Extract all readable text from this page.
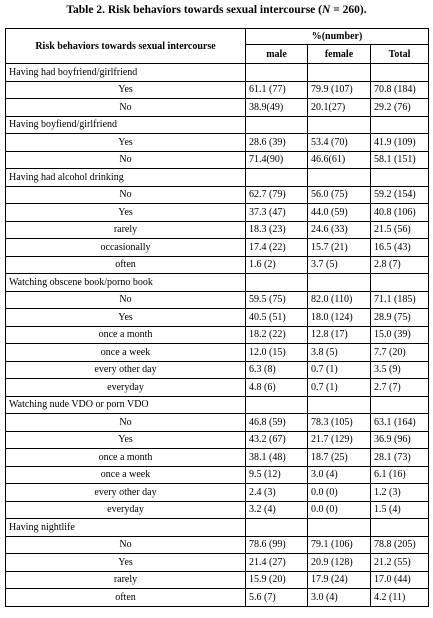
Table 2. Risk behaviors towards sexual intercourse (N = 260).
Risk behaviors towards sexual intercourse	%(number)		
	male	female	Total
Having had boyfriend/girlfriend			
Yes	61.1 (77)	79.9 (107)	70.8 (184)
No	38.9(49)	20.1(27)	29.2 (76)
Having boyfiend/girlfriend			
Yes	28.6 (39)	53.4 (70)	41.9 (109)
No	71.4(90)	46.6(61)	58.1 (151)
Having had alcohol drinking			
No	62.7 (79)	56.0 (75)	59.2 (154)
Yes	37.3 (47)	44.0 (59)	40.8 (106)
rarely	18.3 (23)	24.6 (33)	21.5 (56)
occasionally	17.4 (22)	15.7 (21)	16.5 (43)
often	1.6 (2)	3.7 (5)	2.8 (7)
Watching obscene book/porno book			
No	59.5 (75)	82.0 (110)	71.1 (185)
Yes	40.5 (51)	18.0 (124)	28.9 (75)
once a month	18.2 (22)	12.8 (17)	15.0 (39)
once a week	12.0 (15)	3.8 (5)	7.7 (20)
every other day	6.3 (8)	0.7 (1)	3.5 (9)
everyday	4.8 (6)	0.7 (1)	2.7 (7)
Watching nude VDO or porn VDO			
No	46.8 (59)	78.3 (105)	63.1 (164)
Yes	43.2 (67)	21.7 (129)	36.9 (96)
once a month	38.1 (48)	18.7 (25)	28.1 (73)
once a week	9.5 (12)	3.0 (4)	6.1 (16)
every other day	2.4 (3)	0.0 (0)	1.2 (3)
everyday	3.2 (4)	0.0 (0)	1.5 (4)
Having nightlife			
No	78.6 (99)	79.1 (106)	78.8 (205)
Yes	21.4 (27)	20.9 (128)	21.2 (55)
rarely	15.9 (20)	17.9 (24)	17.0 (44)
often	5.6 (7)	3.0 (4)	4.2 (11)
